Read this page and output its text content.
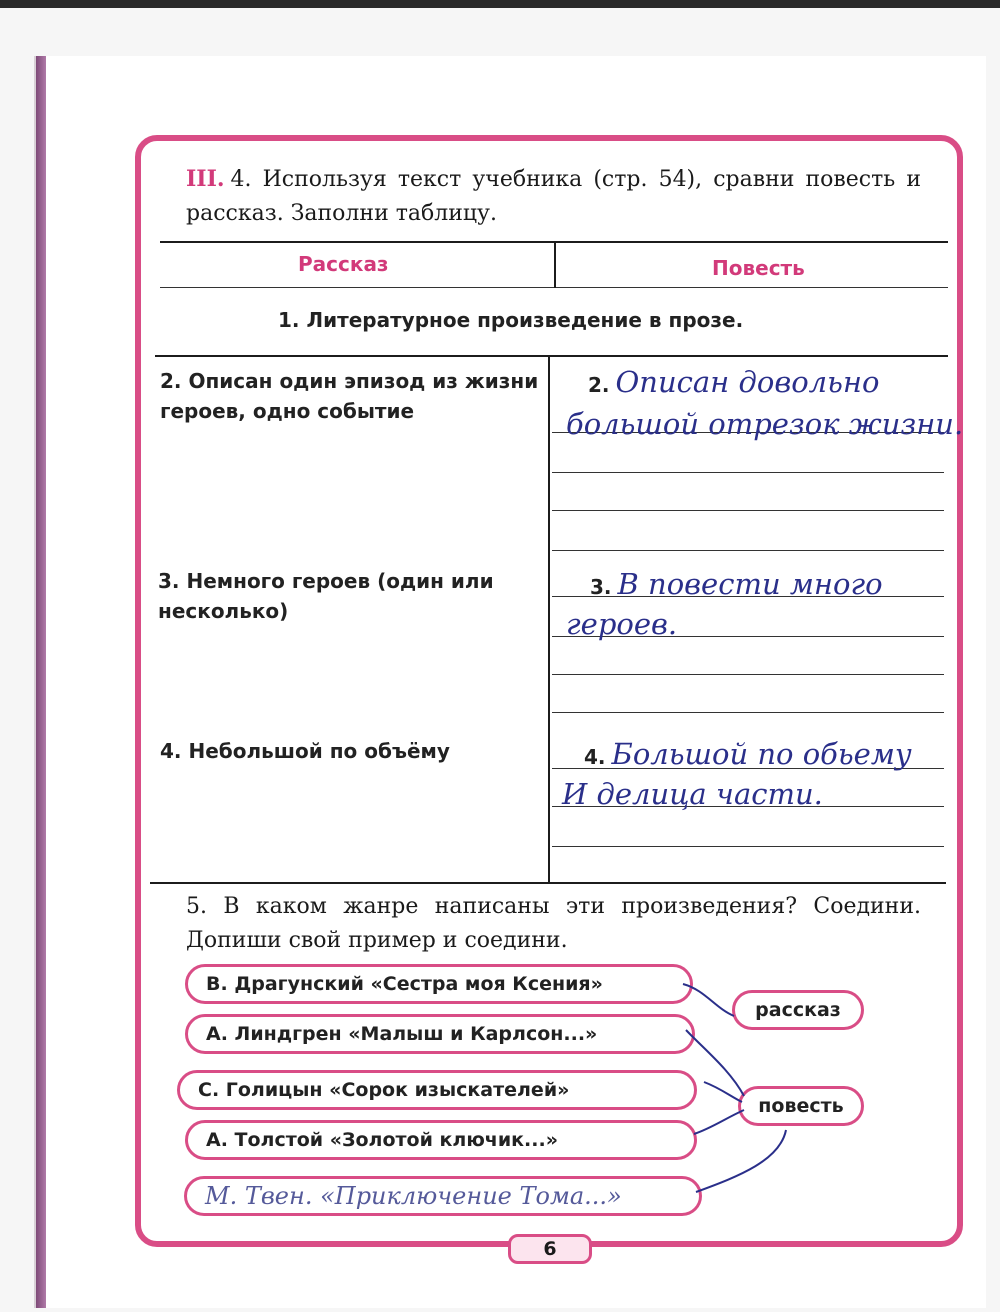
III. 4. Используя текст учебника (стр. 54), сравни повесть и рассказ. Заполни таблицу.
Рассказ	Повесть
1. Литературное произведение в прозе.
2. Описан один эпизод из жизни героев, одно событие
2. Описан довольно
большой отрезок жизни.
3. Немного героев (один или несколько)
3. В повести много
героев.
4. Небольшой по объёму	4. Большой по обьему
И делица части.
5. В каком жанре написаны эти произведения? Соедини. Допиши свой пример и соедини.
В. Драгунский «Сестра моя Ксения»
А. Линдгрен «Малыш и Карлсон...»
С. Голицын «Сорок изыскателей»
А. Толстой «Золотой ключик...»
М. Твен. «Приключение Тома...»
рассказ
повесть
6
